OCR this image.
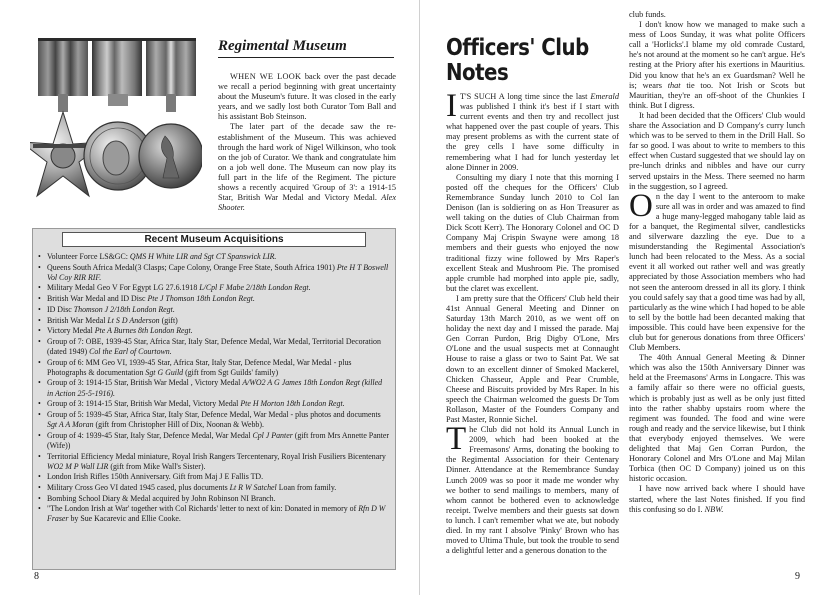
Regimental Museum

WHEN WE LOOK back over the past decade we recall a period beginning with great uncertainty about the Museum's future. It was closed in the early years, and we sadly lost both Curator Tom Ball and his assistant Bob Steinson.

The later part of the decade saw the re-establishment of the Museum. This was achieved through the hard work of Nigel Wilkinson, who took on the job of Curator. We thank and congratulate him on a job well done. The Museum can now play its full part in the life of the Regiment. The picture shows a recently acquired 'Group of 3': a 1914-15 Star, British War Medal and Victory Medal. Alex Shooter.

Recent Museum Acquisitions
• Volunteer Force LS&GC: QMS H White LIR and Sgt CT Spanswick LIR.
• Queens South Africa Medal(3 Clasps; Cape Colony, Orange Free State, South Africa 1901) Pte H T Boswell Vol Coy RIR RIF.
• Military Medal Geo V For Egypt LG 27.6.1918 L/Cpl F Mabe 2/18th London Regt.
• British War Medal and ID Disc Pte J Thomson 18th London Regt.
• ID Disc Thomson J 2/18th London Regt.
• British War Medal Lt S D Anderson (gift)
• Victory Medal Pte A Burnes 8th London Regt.
• Group of 7: OBE, 1939-45 Star, Africa Star, Italy Star, Defence Medal, War Medal, Territorial Decoration (dated 1949) Col the Earl of Courtown.
• Group of 6: MM Geo VI, 1939-45 Star, Africa Star, Italy Star, Defence Medal, War Medal - plus Photographs & documentation Sgt G Guild (gift from Sgt Guilds' family)
• Group of 3: 1914-15 Star, British War Medal , Victory Medal A/WO2 A G James 18th London Regt (killed in Action 25-5-1916).
• Group of 3: 1914-15 Star, British War Medal, Victory Medal Pte H Morton 18th London Regt.
• Group of 5: 1939-45 Star, Africa Star, Italy Star, Defence Medal, War Medal - plus photos and documents Sgt A A Moran (gift from Christopher Hill of Dix, Noonan & Webb).
• Group of 4: 1939-45 Star, Italy Star, Defence Medal, War Medal Cpl J Panter (gift from Mrs Annette Panter (Wife))
• Territorial Efficiency Medal miniature, Royal Irish Rangers Tercentenary, Royal Irish Fusiliers Bicentenary WO2 M P Wall LIR (gift from Mike Wall's Sister).
• London Irish Rifles 150th Anniversary. Gift from Maj J E Fallis TD.
• Military Cross Geo VI dated 1945 cased, plus documents Lt R W Satchel Loan from family.
• Bombing School Diary & Medal acquired by John Robinson NI Branch.
• "The London Irish at War' together with Col Richards' letter to next of kin: Donated in memory of Rfn D W Fraser by Sue Kacarevic and Ellie Cooke.
8
Officers' Club
Notes

I T'S SUCH A long time since the last Emerald was published I think it's best if I start with current events and then try and recollect just what happened over the past couple of years. This may present problems as with the current state of the grey cells I have some difficulty in remembering what I had for lunch yesterday let alone Dinner in 2009.

Consulting my diary I note that this morning I posted off the cheques for the Officers' Club Remembrance Sunday lunch 2010 to Col Ian Denison (Ian is soldiering on as Hon Treasurer as well taking on the duties of Club Chairman from Dick Scott Kerr). The Honorary Colonel and OC D Company Maj Crispin Swayne were among 18 members and their guests who enjoyed the now traditional fizzy wine followed by Mrs Raper's excellent Steak and Mushroom Pie. The promised apple crumble had morphed into apple pie, sadly, but the claret was excellent.

I am pretty sure that the Officers' Club held their 41st Annual General Meeting and Dinner on Saturday 13th March 2010, as we went off on holiday the next day and I missed the parade. Maj Gen Corran Purdon, Brig Digby O'Lone, Mrs O'Lone and the usual suspects met at Connaught House to raise a glass or two to Saint Pat. We sat down to an excellent dinner of Smoked Mackerel, Chicken Chasseur, Apple and Pear Crumble, Cheese and Biscuits provided by Mrs Raper. In his speech the Chairman welcomed the guests Dr Tom Rollason, Master of the Founders Company and Past Master, Ronnie Sichel.

The Club did not hold its Annual Lunch in 2009, which had been booked at the Freemasons' Arms, donating the booking to the Regimental Association for their Centenary Dinner. Attendance at the Remembrance Sunday Lunch 2009 was so poor it made me wonder why we bother to send mailings to members, many of whom cannot be bothered even to acknowledge receipt. Twelve members and their guests sat down to lunch. I can't remember what we ate, but nobody died. In my rant I absolve 'Pinky' Brown who has moved to Ultima Thule, but took the trouble to send a delightful letter and a generous donation to the

club funds.

I don't know how we managed to make such a mess of Loos Sunday, it was what polite Officers call a 'Horlicks'.I blame my old comrade Custard, he's not around at the moment so he can't argue. He's resting at the Priory after his exertions in Mauritius. Did you know that he's an ex Guardsman? Well he is; wears that tie too. Not Irish or Scots but Mauritian, they're an off-shoot of the Chunkies I think. But I digress.

It had been decided that the Officers' Club would share the Association and D Company's curry lunch which was to be served to them in the Drill Hall. So far so good. I was about to write to members to this effect when Custard suggested that we should lay on pre-lunch drinks and nibbles and have our curry served upstairs in the Mess. There seemed no harm in the suggestion, so I agreed.

On the day I went to the anteroom to make sure all was in order and was amazed to find a huge many-legged mahogany table laid as for a banquet, the Regimental silver, candlesticks and silverware dazzling the eye. Due to a misunderstanding the Regimental Association's lunch had been relocated to the Mess. As a social event it all worked out rather well and was greatly appreciated by those Association members who had not seen the anteroom dressed in all its glory. I think you could safely say that a good time was had by all, particularly as the wine which I had hoped to be able to sell by the bottle had been decanted making that impossible. This could have been expensive for the club but for generous donations from three Officers' Club Members.

The 40th Annual General Meeting & Dinner which was also the 150th Anniversary Dinner was held at the Freemasons' Arms in Longacre. This was a family affair so there were no official guests, which is probably just as well as be only just fitted into the rather shabby upstairs room where the regiment was founded. The food and wine were rough and ready and the service likewise, but I think that everybody enjoyed themselves. We were delighted that Maj Gen Corran Purdon, the Honorary Colonel and Mrs O'Lone and Maj Milan Torbica (then OC D Company) joined us on this historic occasion.

I have now arrived back where I should have started, where the last Notes finished. If you find this confusing so do I. NBW.

9
